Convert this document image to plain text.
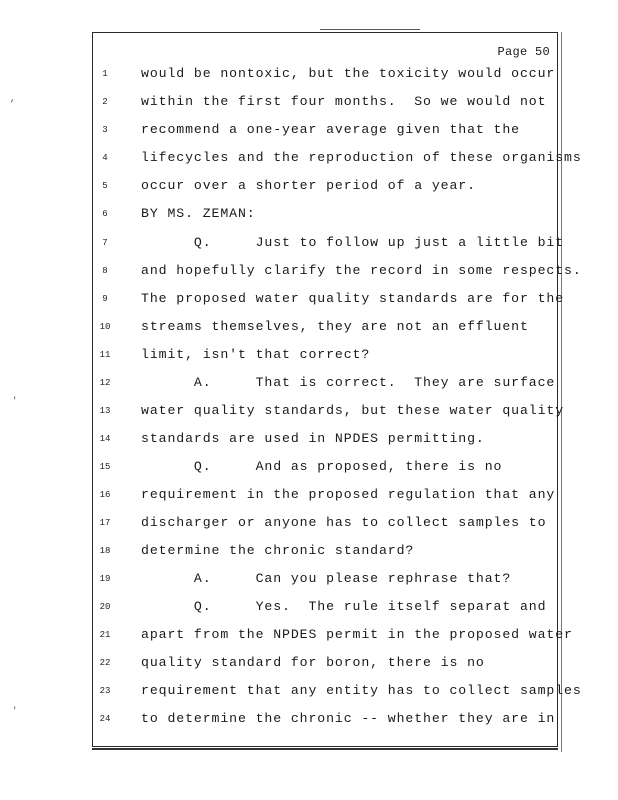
,
'
'
Page 50
1	would be nontoxic, but the toxicity would occur
2	within the first four months.  So we would not
3	recommend a one-year average given that the
4	lifecycles and the reproduction of these organisms
5	occur over a shorter period of a year.
6	BY MS. ZEMAN:
7	Q.     Just to follow up just a little bit
8	and hopefully clarify the record in some respects.
9	The proposed water quality standards are for the
10 streams themselves, they are not an effluent
11 limit, isn't that correct?
12 A.     That is correct.  They are surface
13 water quality standards, but these water quality
14 standards are used in NPDES permitting.
15 Q.     And as proposed, there is no
16 requirement in the proposed regulation that any
17 discharger or anyone has to collect samples to
18 determine the chronic standard?
19 A.     Can you please rephrase that?
20 Q.     Yes.  The rule itself separat and
21 apart from the NPDES permit in the proposed water
22 quality standard for boron, there is no
23 requirement that any entity has to collect samples
24 to determine the chronic -- whether they are in
